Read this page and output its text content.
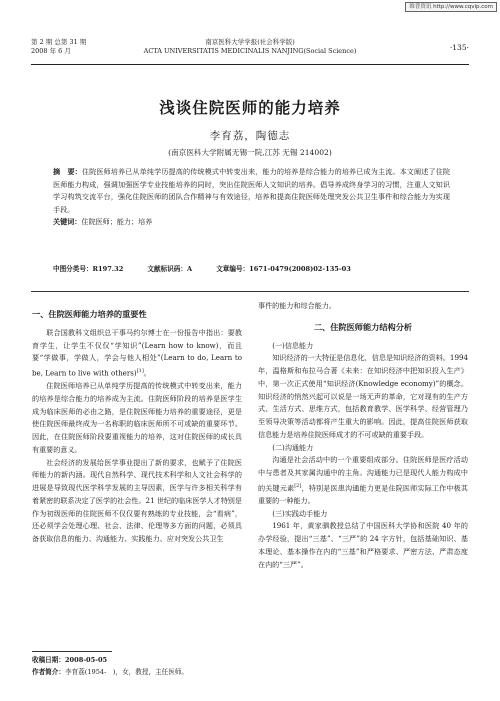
维普资讯 http://www.cqvip.com
第 2 期 总第 31 期
2008 年 6 月
南京医科大学学报(社会科学版)
ACTA UNIVERSITATIS MEDICINALIS NANJING(Social Science)	·135·
浅谈住院医师的能力培养
李育荔，陶德志
(南京医科大学附属无锡一院,江苏 无锡 214002)
摘　要：住院医师培养已从单纯学历提高的传统模式中转变出来，能力的培养是综合能力的培养已成为主流。本文阐述了住院医师能力构成，强调加强医学专业技能培养的同时，突出住院医师人文知识的培养。倡导养成终身学习的习惯，注重人文知识学习构筑交流平台，强化住院医师的团队合作精神与有效途径，培养和提高住院医师处理突发公共卫生事件和综合能力为实现手段。
关键词：住院医师；能力；培养
中图分类号：R197.32	文献标识码：A	文章编号：1671-0479(2008)02-135-03
一、住院医师能力培养的重要性

联合国教科文组织总干事马约尔博士在一份报告中指出：要教育学生，让学生不仅仅“学知识”(Learn how to know)，而且要“学做事，学做人，学会与他人相处”(Learn to do, Learn to be, Learn to live with others)[1]。

住院医师培养已从单纯学历提高的传统模式中转变出来，能力的培养是综合能力的培养成为主流。住院医师阶段的培养是医学生成为临床医师的必由之路，是住院医师能力培养的重要途径，更是使住院医师最终成为一名称职的临床医师所不可或缺的重要环节。因此，在住院医师阶段要重视能力的培养，这对住院医师的成长具有重要的意义。

社会经济的发展给医学事业提出了新的要求，也赋予了住院医师能力的新内涵。现代自然科学、现代技术科学和人文社会科学的进展是导致现代医学科学发展的主导因素，医学与许多相关科学有着紧密的联系决定了医学的社会性。21 世纪的临床医学人才特别是作为初级医师的住院医师不仅仅要有熟练的专业技能，会“看病”，还必须学会处理心理、社会、法律、伦理等多方面的问题，必须具备获取信息的能力、沟通能力、实践能力、应对突发公共卫生

事件的能力和综合能力。

二、住院医师能力结构分析

(一)信息能力

知识经济的一大特征是信息化，信息是知识经济的资料。1994 年，温格斯和布拉马合著《未来：在知识经济中把知识投入生产》中，第一次正式使用“知识经济(Knowledge economy)”的概念。知识经济的悄然兴起可以说是一场无声的革命，它对现有的生产方式、生活方式、思维方式，包括教育教学、医学科学、经营管理乃至领导决策等活动都将产生重大的影响。因此，提高住院医师获取信息能力是培养住院医师成才的不可或缺的重要手段。

(二)沟通能力

沟通是社会活动中的一个重要组成部分。住院医师是医疗活动中与患者及其家属沟通中的主角。沟通能力已是现代人能力构成中的关键元素[2]，特别是医患沟通能力更是住院医师实际工作中极其重要的一种能力。

(三)实践动手能力

1961 年，黄家驷教授总结了中国医科大学协和医院 40 年的办学经验，提出“三基”、“三严”的 24 字方针，包括基础知识、基本理论、基本操作在内的“三基”和严格要求、严密方法、严肃态度在内的“三严”。

收稿日期：2008-05-05
作者简介：李育荔(1954-　)，女，教授，主任医师。
